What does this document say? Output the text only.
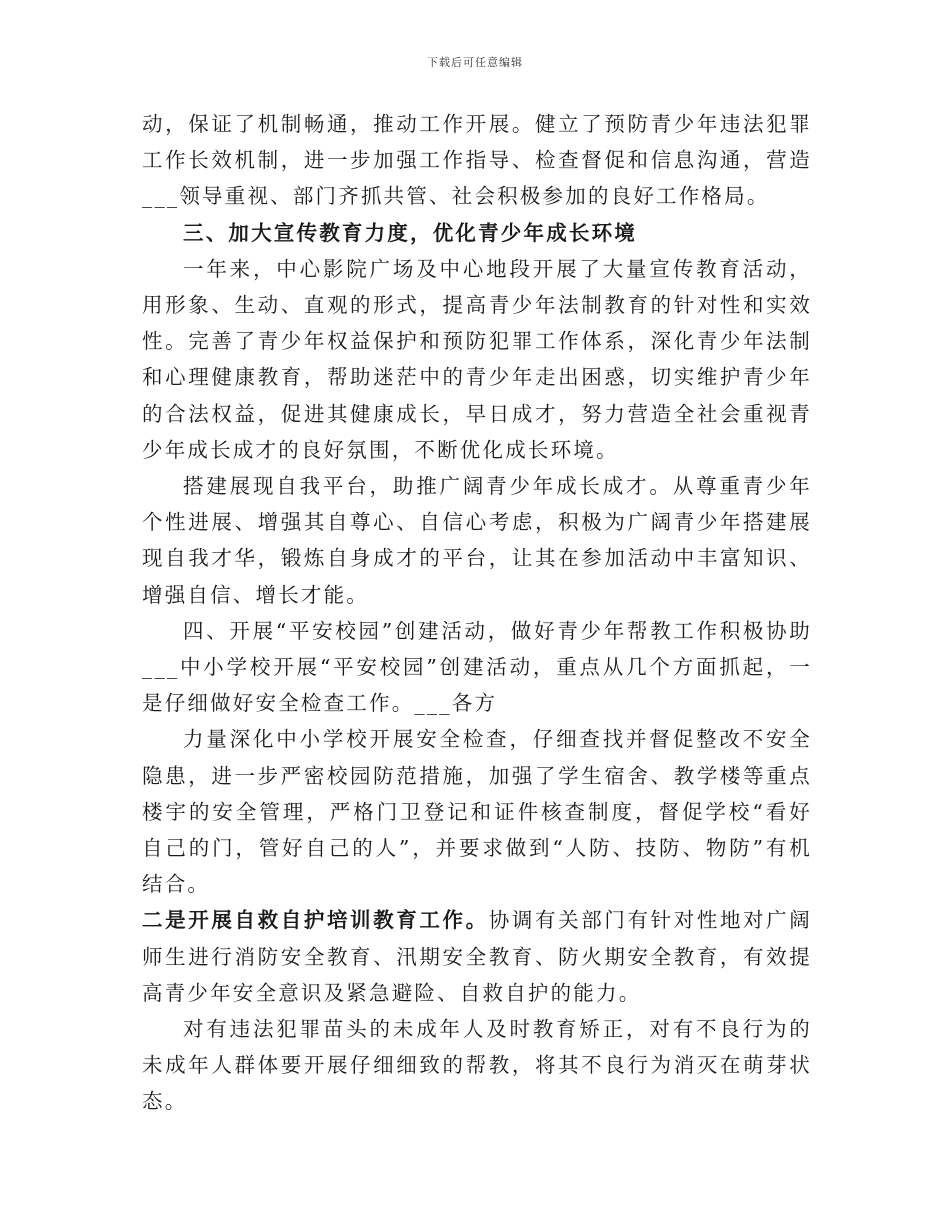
下载后可任意编辑

动，保证了机制畅通，推动工作开展。健立了预防青少年违法犯罪工作长效机制，进一步加强工作指导、检查督促和信息沟通，营造___领导重视、部门齐抓共管、社会积极参加的良好工作格局。

三、加大宣传教育力度，优化青少年成长环境

一年来，中心影院广场及中心地段开展了大量宣传教育活动，用形象、生动、直观的形式，提高青少年法制教育的针对性和实效性。完善了青少年权益保护和预防犯罪工作体系，深化青少年法制和心理健康教育，帮助迷茫中的青少年走出困惑，切实维护青少年的合法权益，促进其健康成长，早日成才，努力营造全社会重视青少年成长成才的良好氛围，不断优化成长环境。

搭建展现自我平台，助推广阔青少年成长成才。从尊重青少年个性进展、增强其自尊心、自信心考虑，积极为广阔青少年搭建展现自我才华，锻炼自身成才的平台，让其在参加活动中丰富知识、增强自信、增长才能。

四、开展“平安校园”创建活动，做好青少年帮教工作积极协助___中小学校开展“平安校园”创建活动，重点从几个方面抓起，一是仔细做好安全检查工作。___各方

力量深化中小学校开展安全检查，仔细查找并督促整改不安全隐患，进一步严密校园防范措施，加强了学生宿舍、教学楼等重点楼宇的安全管理，严格门卫登记和证件核查制度，督促学校“看好自己的门，管好自己的人”，并要求做到“人防、技防、物防”有机结合。

二是开展自救自护培训教育工作。协调有关部门有针对性地对广阔师生进行消防安全教育、汛期安全教育、防火期安全教育，有效提高青少年安全意识及紧急避险、自救自护的能力。

对有违法犯罪苗头的未成年人及时教育矫正，对有不良行为的未成年人群体要开展仔细细致的帮教，将其不良行为消灭在萌芽状态。
